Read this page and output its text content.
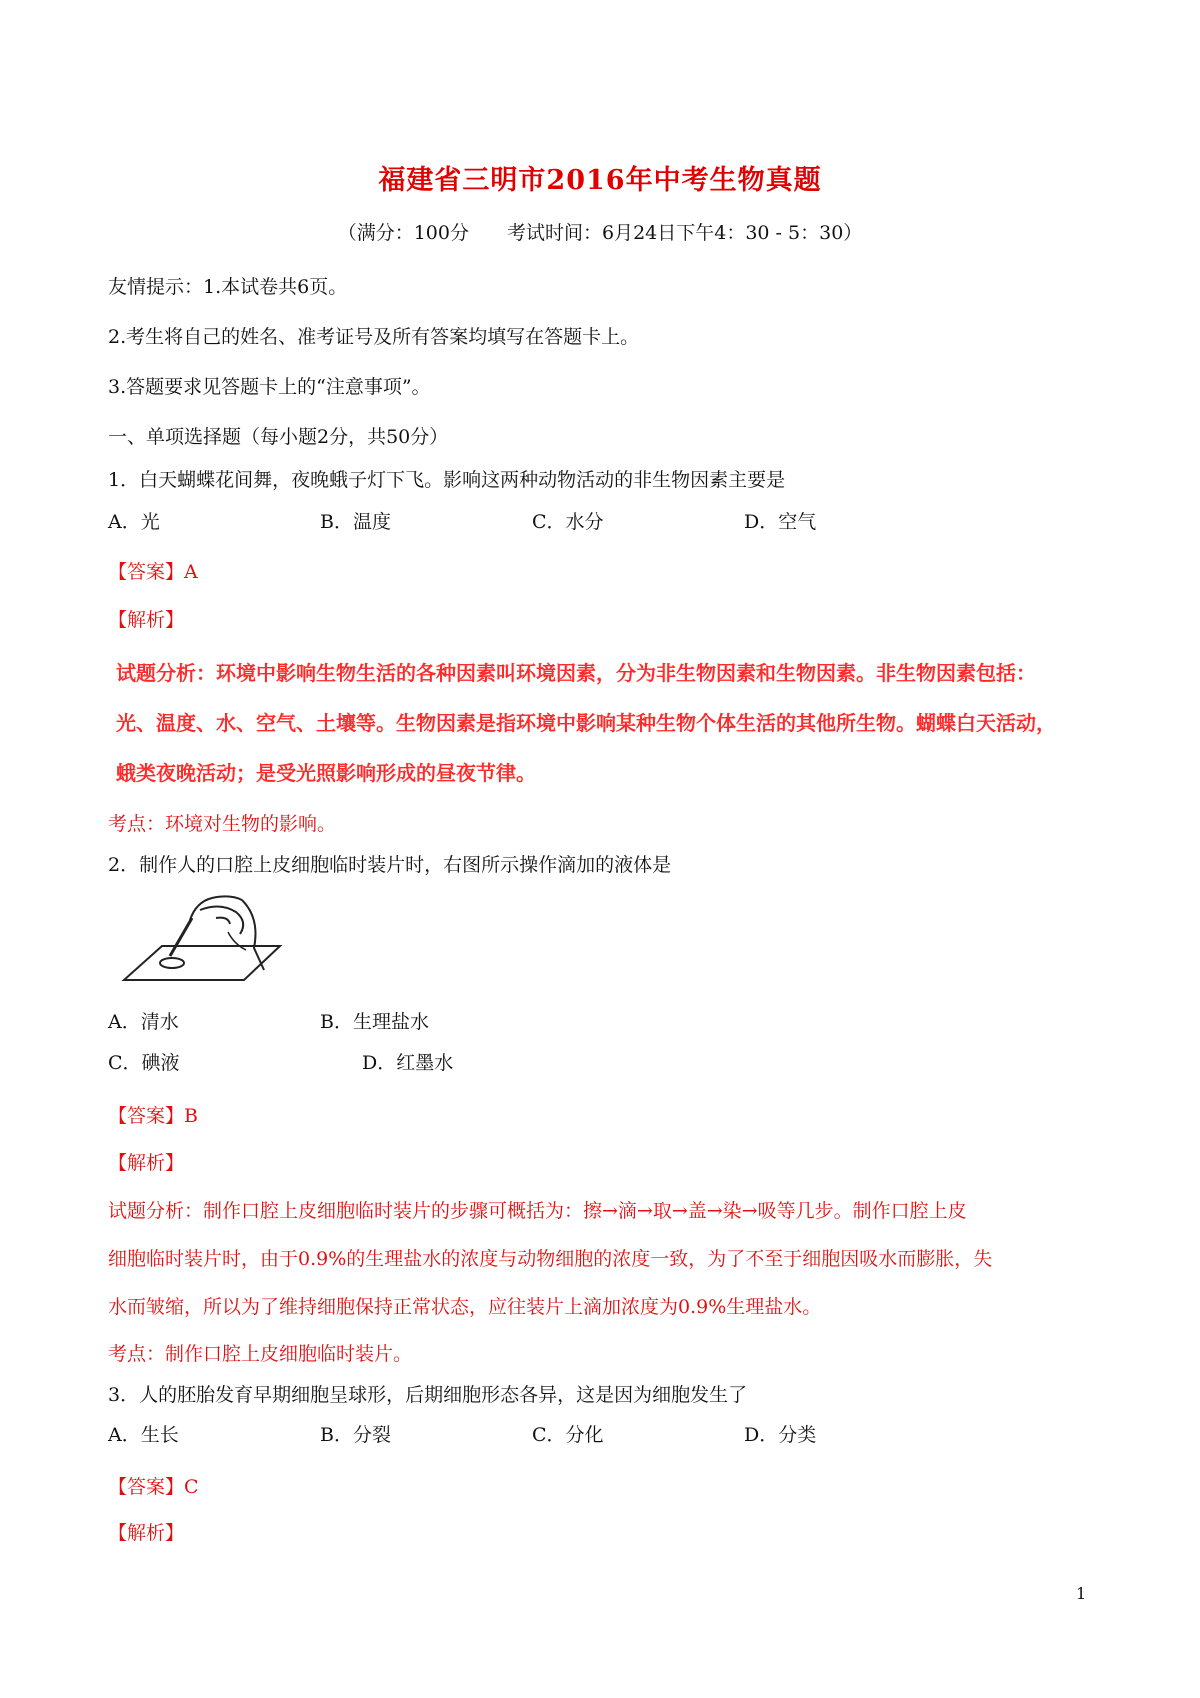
福建省三明市2016年中考生物真题
（满分：100分　　考试时间：6月24日下午4：30 - 5：30）
友情提示：1.本试卷共6页。
2.考生将自己的姓名、准考证号及所有答案均填写在答题卡上。
3.答题要求见答题卡上的“注意事项”。
一、单项选择题（每小题2分，共50分）
1．白天蝴蝶花间舞，夜晚蛾子灯下飞。影响这两种动物活动的非生物因素主要是
A．光	B．温度	C．水分	D．空气
【答案】A
【解析】
试题分析：环境中影响生物生活的各种因素叫环境因素，分为非生物因素和生物因素。非生物因素包括：
光、温度、水、空气、土壤等。生物因素是指环境中影响某种生物个体生活的其他所生物。蝴蝶白天活动，
蛾类夜晚活动；是受光照影响形成的昼夜节律。
考点：环境对生物的影响。
2．制作人的口腔上皮细胞临时装片时，右图所示操作滴加的液体是
A．清水	B．生理盐水
C．碘液	D．红墨水
【答案】B
【解析】
试题分析：制作口腔上皮细胞临时装片的步骤可概括为：擦→滴→取→盖→染→吸等几步。制作口腔上皮
细胞临时装片时，由于0.9%的生理盐水的浓度与动物细胞的浓度一致，为了不至于细胞因吸水而膨胀，失
水而皱缩，所以为了维持细胞保持正常状态，应往装片上滴加浓度为0.9%生理盐水。
考点：制作口腔上皮细胞临时装片。
3．人的胚胎发育早期细胞呈球形，后期细胞形态各异，这是因为细胞发生了
A．生长	B．分裂	C．分化	D．分类
【答案】C
【解析】
1
